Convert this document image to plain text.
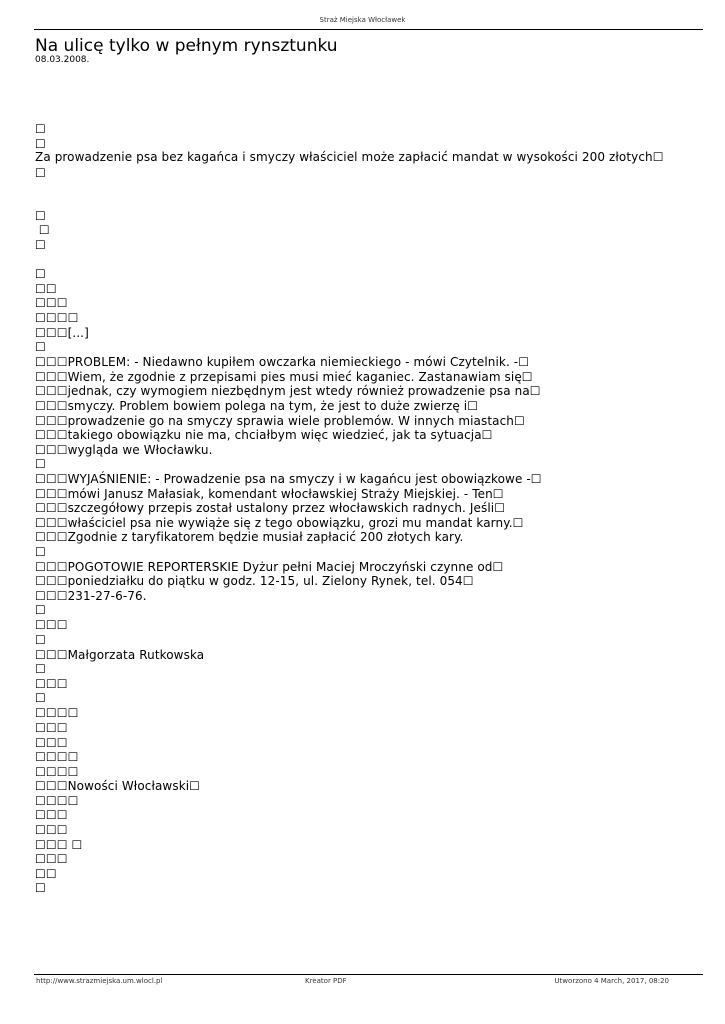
Straż Miejska Włocławek
Na ulicę tylko w pełnym rynsztunku
08.03.2008.
☐
☐
Za prowadzenie psa bez kagańca i smyczy właściciel może zapłacić mandat w wysokości 200 złotych☐
☐
☐
☐
☐
☐
☐☐
☐☐☐
☐☐☐☐
☐☐☐[...]
☐
☐☐☐PROBLEM: - Niedawno kupiłem owczarka niemieckiego - mówi Czytelnik. -☐
☐☐☐Wiem, że zgodnie z przepisami pies musi mieć kaganiec. Zastanawiam się☐
☐☐☐jednak, czy wymogiem niezbędnym jest wtedy również prowadzenie psa na☐
☐☐☐smyczy. Problem bowiem polega na tym, że jest to duże zwierzę i☐
☐☐☐prowadzenie go na smyczy sprawia wiele problemów. W innych miastach☐
☐☐☐takiego obowiązku nie ma, chciałbym więc wiedzieć, jak ta sytuacja☐
☐☐☐wygląda we Włocławku.
☐
☐☐☐WYJAŚNIENIE: - Prowadzenie psa na smyczy i w kagańcu jest obowiązkowe -☐
☐☐☐mówi Janusz Małasiak, komendant włocławskiej Straży Miejskiej. - Ten☐
☐☐☐szczegółowy przepis został ustalony przez włocławskich radnych. Jeśli☐
☐☐☐właściciel psa nie wywiąże się z tego obowiązku, grozi mu mandat karny.☐
☐☐☐Zgodnie z taryfikatorem będzie musiał zapłacić 200 złotych kary.
☐
☐☐☐POGOTOWIE REPORTERSKIE Dyżur pełni Maciej Mroczyński czynne od☐
☐☐☐poniedziałku do piątku w godz. 12-15, ul. Zielony Rynek, tel. 054☐
☐☐☐231-27-6-76.
☐
☐☐☐
☐
☐☐☐Małgorzata Rutkowska
☐
☐☐☐
☐
☐☐☐☐
☐☐☐
☐☐☐
☐☐☐☐
☐☐☐☐
☐☐☐Nowości Włocławski☐
☐☐☐☐
☐☐☐
☐☐☐
☐☐☐ ☐
☐☐☐
☐☐
☐
http://www.strazmiejska.um.wlocl.pl	Kreator PDF	Utworzono 4 March, 2017, 08:20
